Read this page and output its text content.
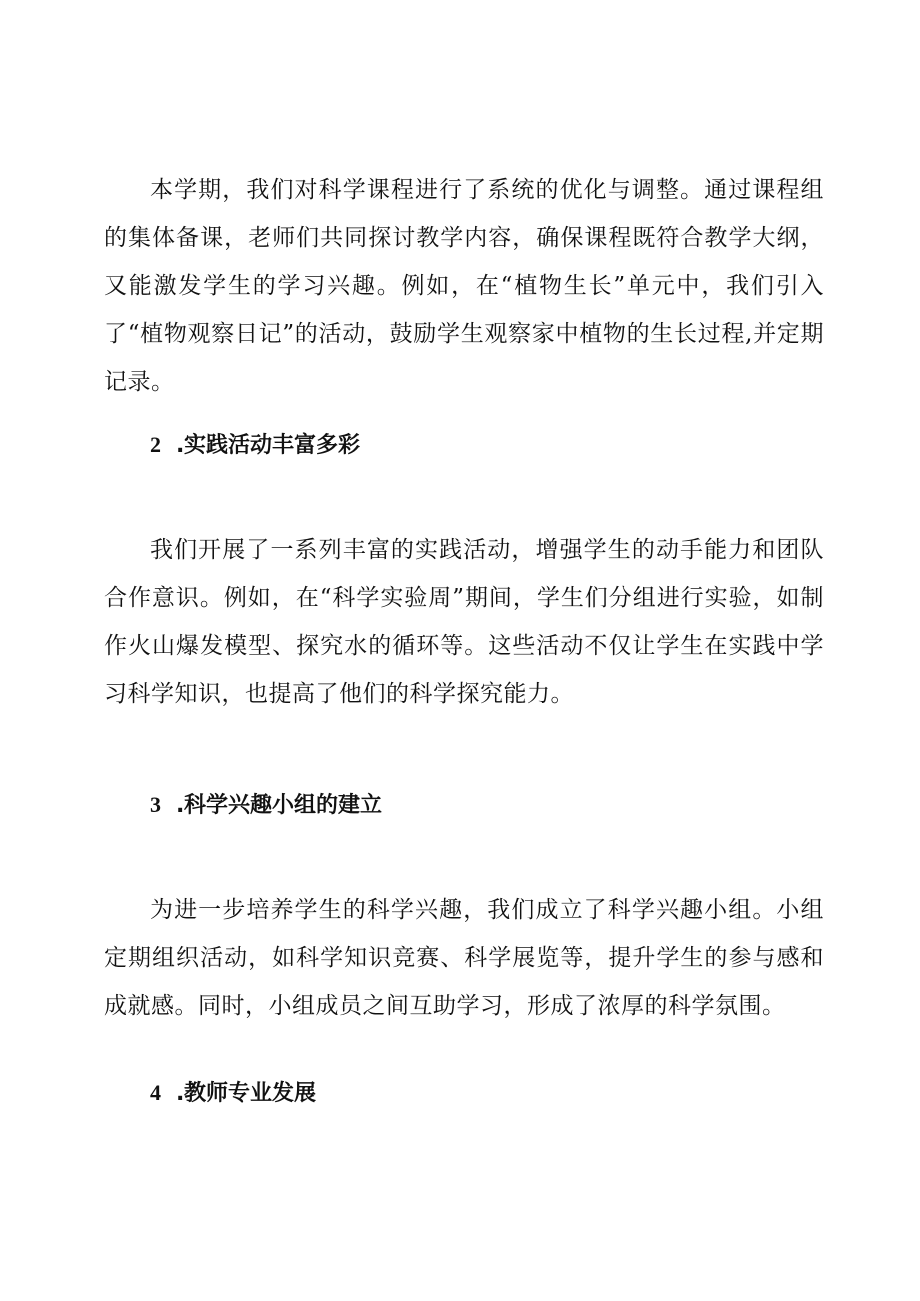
本学期，我们对科学课程进行了系统的优化与调整。通过课程组的集体备课，老师们共同探讨教学内容，确保课程既符合教学大纲，又能激发学生的学习兴趣。例如，在“植物生长”单元中，我们引入了“植物观察日记”的活动，鼓励学生观察家中植物的生长过程,并定期记录。

2 .实践活动丰富多彩

我们开展了一系列丰富的实践活动，增强学生的动手能力和团队合作意识。例如，在“科学实验周”期间，学生们分组进行实验，如制作火山爆发模型、探究水的循环等。这些活动不仅让学生在实践中学习科学知识，也提高了他们的科学探究能力。

3 .科学兴趣小组的建立

为进一步培养学生的科学兴趣，我们成立了科学兴趣小组。小组定期组织活动，如科学知识竞赛、科学展览等，提升学生的参与感和成就感。同时，小组成员之间互助学习，形成了浓厚的科学氛围。

4 .教师专业发展
